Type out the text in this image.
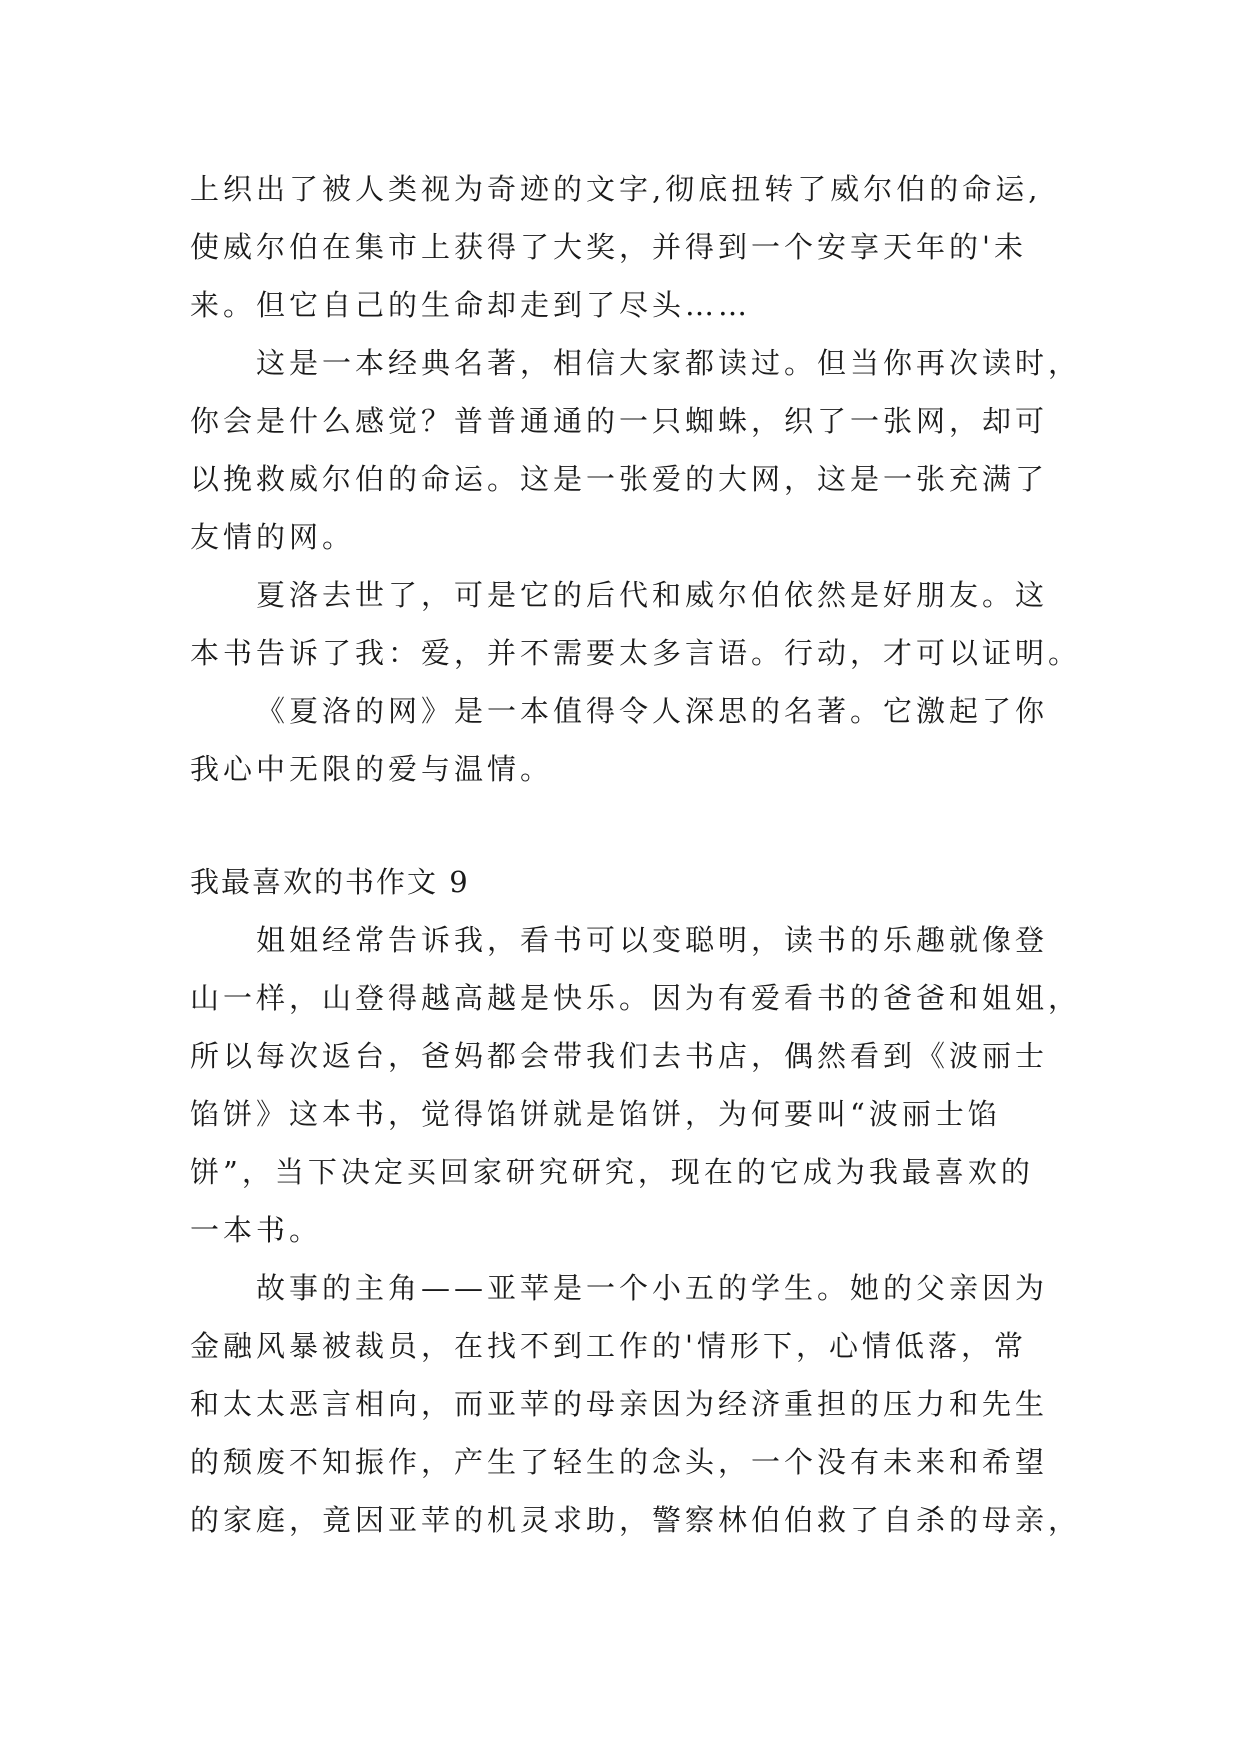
上织出了被人类视为奇迹的文字,彻底扭转了威尔伯的命运,
使威尔伯在集市上获得了大奖，并得到一个安享天年的'未
来。但它自己的生命却走到了尽头……
这是一本经典名著，相信大家都读过。但当你再次读时，
你会是什么感觉？普普通通的一只蜘蛛，织了一张网，却可
以挽救威尔伯的命运。这是一张爱的大网，这是一张充满了
友情的网。
夏洛去世了，可是它的后代和威尔伯依然是好朋友。这
本书告诉了我：爱，并不需要太多言语。行动，才可以证明。
《夏洛的网》是一本值得令人深思的名著。它激起了你
我心中无限的爱与温情。
我最喜欢的书作文 9
姐姐经常告诉我，看书可以变聪明，读书的乐趣就像登
山一样，山登得越高越是快乐。因为有爱看书的爸爸和姐姐，
所以每次返台，爸妈都会带我们去书店，偶然看到《波丽士
馅饼》这本书，觉得馅饼就是馅饼，为何要叫“波丽士馅
饼”，当下决定买回家研究研究，现在的它成为我最喜欢的
一本书。
故事的主角——亚苹是一个小五的学生。她的父亲因为
金融风暴被裁员，在找不到工作的'情形下，心情低落，常
和太太恶言相向，而亚苹的母亲因为经济重担的压力和先生
的颓废不知振作，产生了轻生的念头，一个没有未来和希望
的家庭，竟因亚苹的机灵求助，警察林伯伯救了自杀的母亲，
